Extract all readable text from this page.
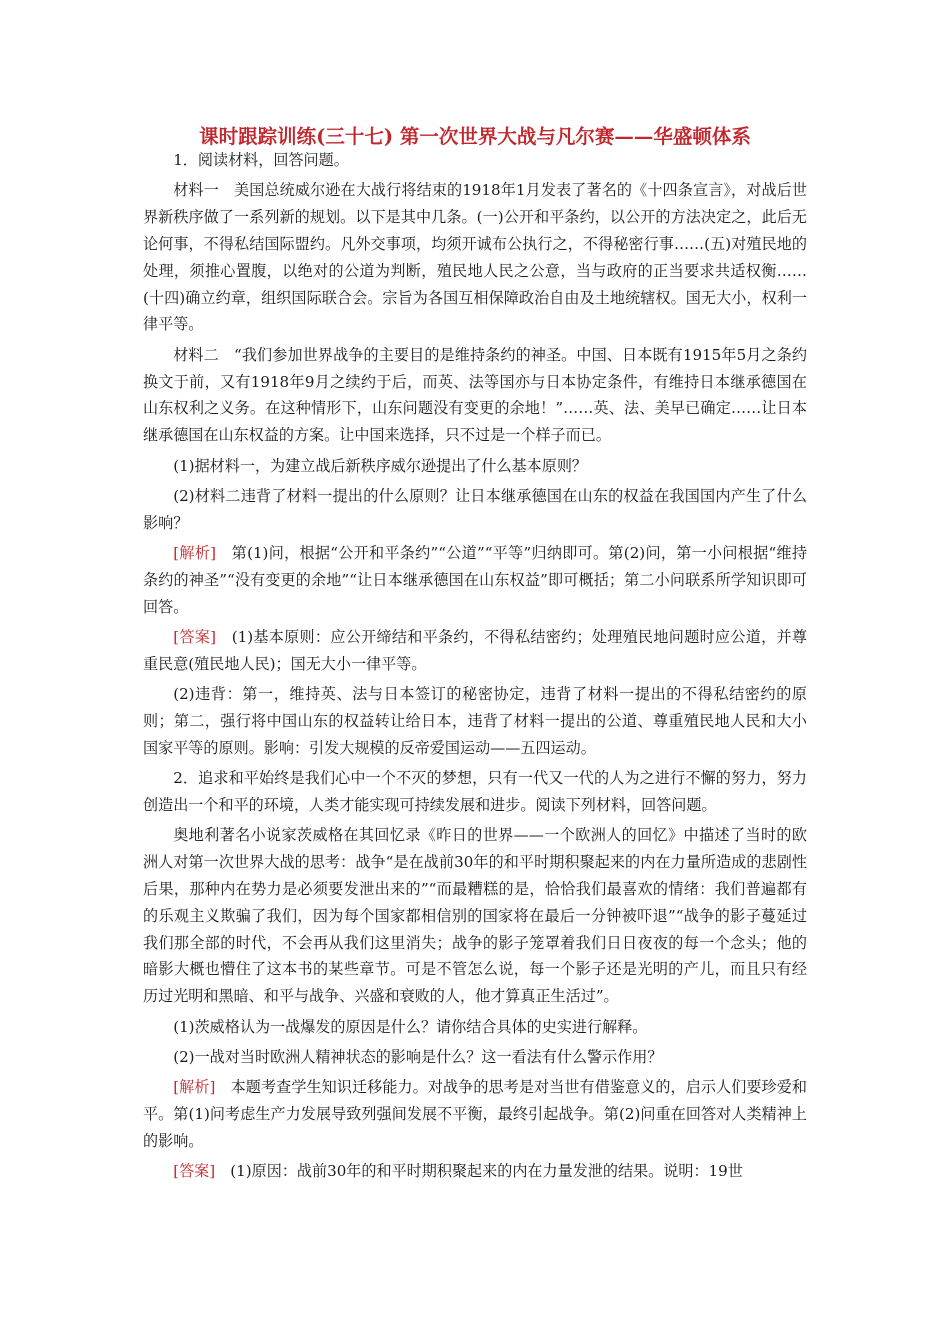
课时跟踪训练(三十七) 第一次世界大战与凡尔赛——华盛顿体系

1．阅读材料，回答问题。

材料一　美国总统威尔逊在大战行将结束的1918年1月发表了著名的《十四条宣言》，对战后世界新秩序做了一系列新的规划。以下是其中几条。(一)公开和平条约，以公开的方法决定之，此后无论何事，不得私结国际盟约。凡外交事项，均须开诚布公执行之，不得秘密行事……(五)对殖民地的处理，须推心置腹，以绝对的公道为判断，殖民地人民之公意，当与政府的正当要求共适权衡……(十四)确立约章，组织国际联合会。宗旨为各国互相保障政治自由及土地统辖权。国无大小，权利一律平等。

材料二　“我们参加世界战争的主要目的是维持条约的神圣。中国、日本既有1915年5月之条约换文于前，又有1918年9月之续约于后，而英、法等国亦与日本协定条件，有维持日本继承德国在山东权利之义务。在这种情形下，山东问题没有变更的余地！”……英、法、美早已确定……让日本继承德国在山东权益的方案。让中国来选择，只不过是一个样子而已。

(1)据材料一，为建立战后新秩序威尔逊提出了什么基本原则？

(2)材料二违背了材料一提出的什么原则？让日本继承德国在山东的权益在我国国内产生了什么影响？

[解析]　第(1)问，根据“公开和平条约”“公道”“平等”归纳即可。第(2)问，第一小问根据“维持条约的神圣”“没有变更的余地”“让日本继承德国在山东权益”即可概括；第二小问联系所学知识即可回答。

[答案]　(1)基本原则：应公开缔结和平条约，不得私结密约；处理殖民地问题时应公道，并尊重民意(殖民地人民)；国无大小一律平等。

(2)违背：第一，维持英、法与日本签订的秘密协定，违背了材料一提出的不得私结密约的原则；第二，强行将中国山东的权益转让给日本，违背了材料一提出的公道、尊重殖民地人民和大小国家平等的原则。影响：引发大规模的反帝爱国运动——五四运动。

2．追求和平始终是我们心中一个不灭的梦想，只有一代又一代的人为之进行不懈的努力，努力创造出一个和平的环境，人类才能实现可持续发展和进步。阅读下列材料，回答问题。

奥地利著名小说家茨威格在其回忆录《昨日的世界——一个欧洲人的回忆》中描述了当时的欧洲人对第一次世界大战的思考：战争“是在战前30年的和平时期积聚起来的内在力量所造成的悲剧性后果，那种内在势力是必须要发泄出来的”“而最糟糕的是，恰恰我们最喜欢的情绪：我们普遍都有的乐观主义欺骗了我们，因为每个国家都相信别的国家将在最后一分钟被吓退”“战争的影子蔓延过我们那全部的时代，不会再从我们这里消失；战争的影子笼罩着我们日日夜夜的每一个念头；他的暗影大概也懵住了这本书的某些章节。可是不管怎么说，每一个影子还是光明的产儿，而且只有经历过光明和黑暗、和平与战争、兴盛和衰败的人，他才算真正生活过”。

(1)茨威格认为一战爆发的原因是什么？请你结合具体的史实进行解释。

(2)一战对当时欧洲人精神状态的影响是什么？这一看法有什么警示作用？

[解析]　本题考查学生知识迁移能力。对战争的思考是对当世有借鉴意义的，启示人们要珍爱和平。第(1)问考虑生产力发展导致列强间发展不平衡，最终引起战争。第(2)问重在回答对人类精神上的影响。

[答案]　(1)原因：战前30年的和平时期积聚起来的内在力量发泄的结果。说明：19世
